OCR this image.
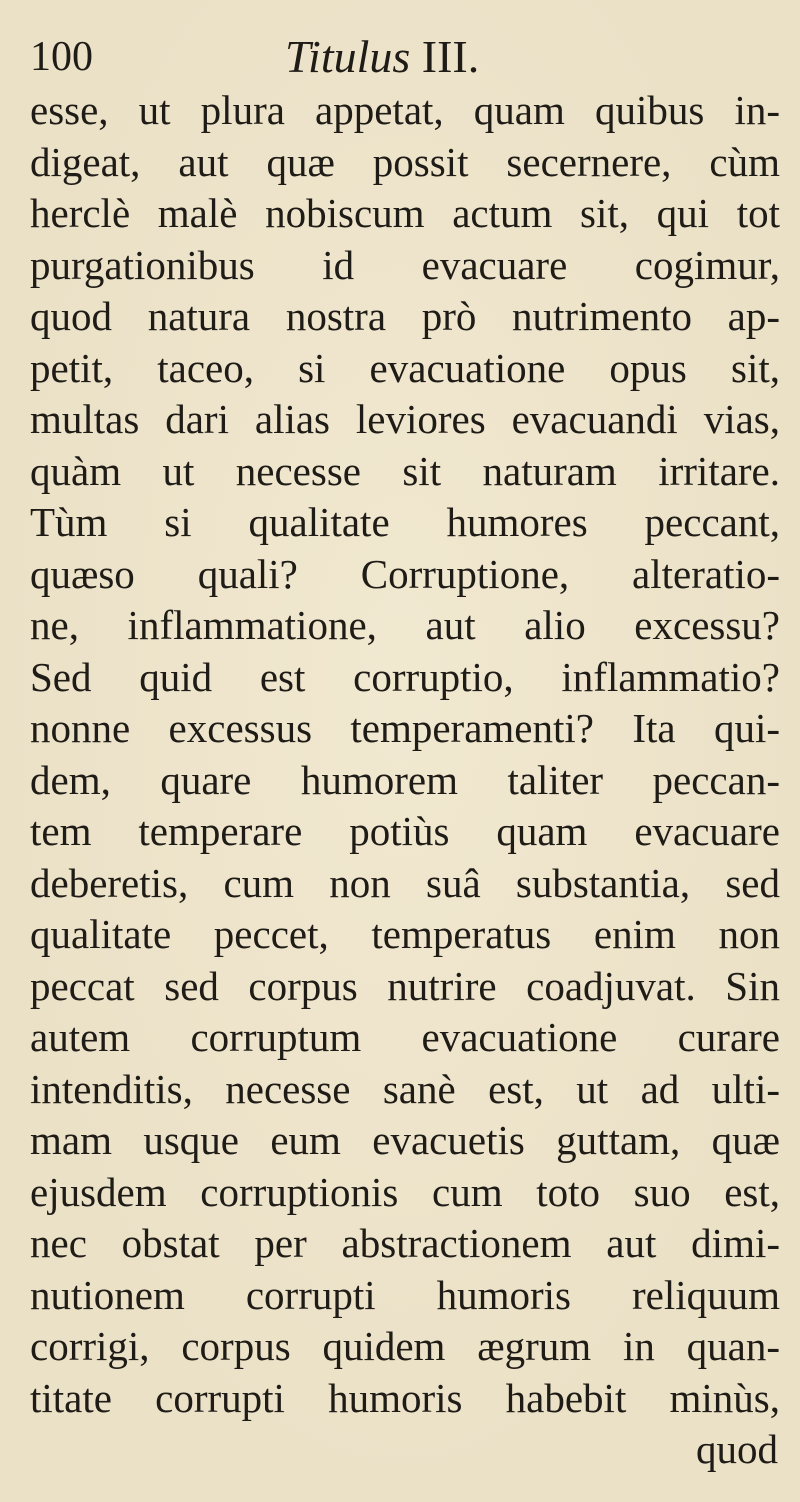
100	Titulus III.
esse, ut plura appetat, quam quibus in-
digeat, aut quæ possit secernere, cùm
herclè malè nobiscum actum sit, qui tot
purgationibus id evacuare cogimur,
quod natura nostra prò nutrimento ap-
petit, taceo, si evacuatione opus sit,
multas dari alias leviores evacuandi vias,
quàm ut necesse sit naturam irritare.
Tùm si qualitate humores peccant,
quæso quali? Corruptione, alteratio-
ne, inflammatione, aut alio excessu?
Sed quid est corruptio, inflammatio?
nonne excessus temperamenti? Ita qui-
dem, quare humorem taliter peccan-
tem temperare potiùs quam evacuare
deberetis, cum non suâ substantia, sed
qualitate peccet, temperatus enim non
peccat sed corpus nutrire coadjuvat. Sin
autem corruptum evacuatione curare
intenditis, necesse sanè est, ut ad ulti-
mam usque eum evacuetis guttam, quæ
ejusdem corruptionis cum toto suo est,
nec obstat per abstractionem aut dimi-
nutionem corrupti humoris reliquum
corrigi, corpus quidem ægrum in quan-
titate corrupti humoris habebit minùs,
quod
